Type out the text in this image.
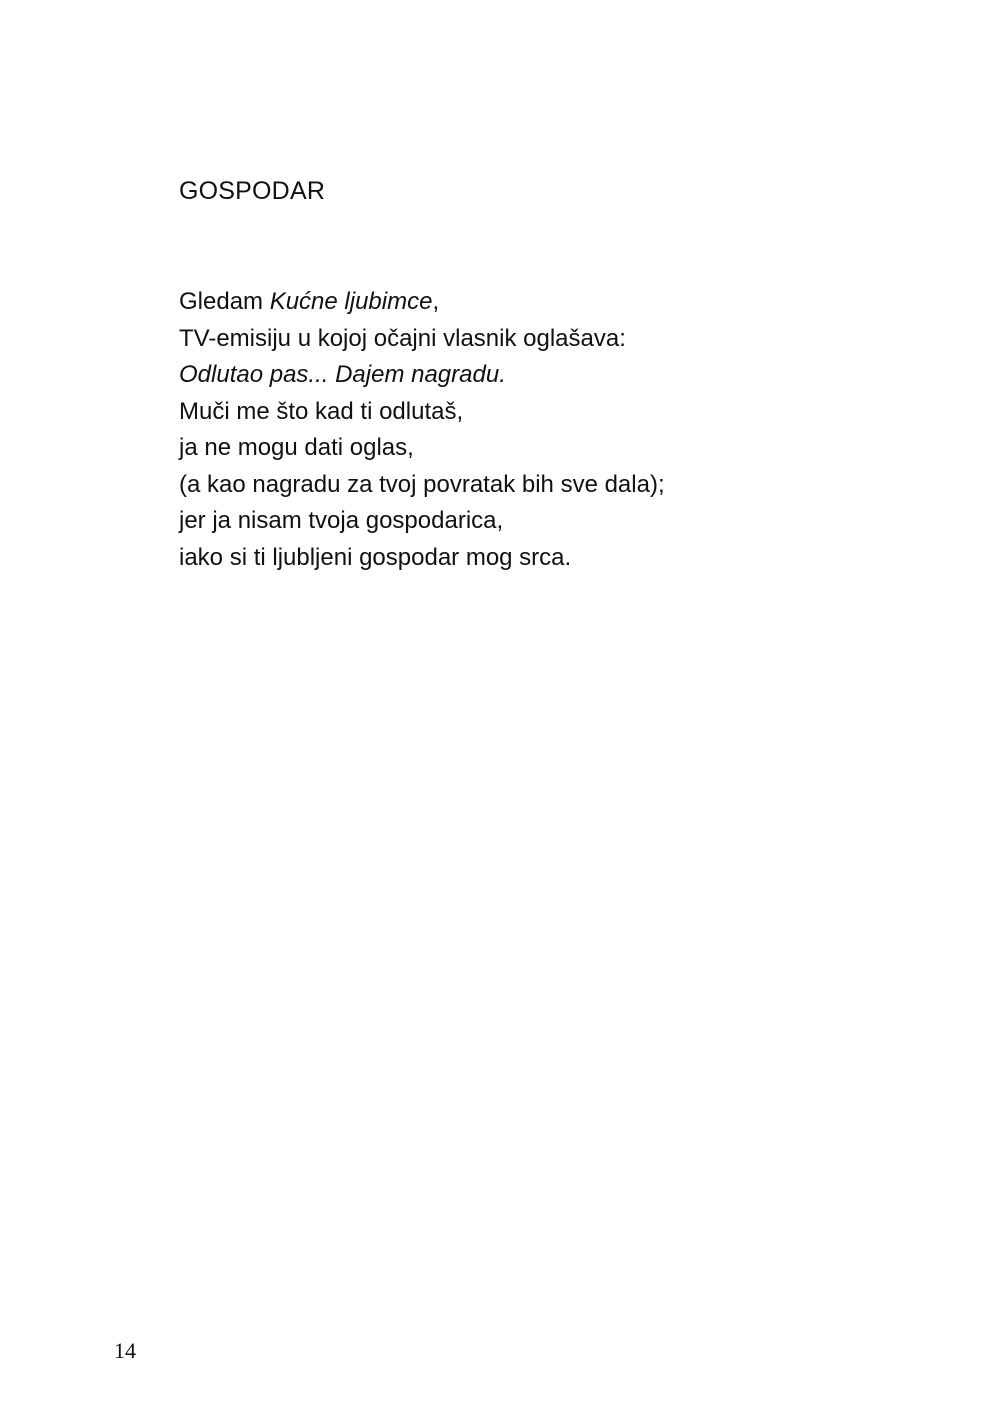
GOSPODAR
Gledam Kućne ljubimce,
TV-emisiju u kojoj očajni vlasnik oglašava:
Odlutao pas... Dajem nagradu.
Muči me što kad ti odlutaš,
ja ne mogu dati oglas,
(a kao nagradu za tvoj povratak bih sve dala);
jer ja nisam tvoja gospodarica,
iako si ti ljubljeni gospodar mog srca.
14
